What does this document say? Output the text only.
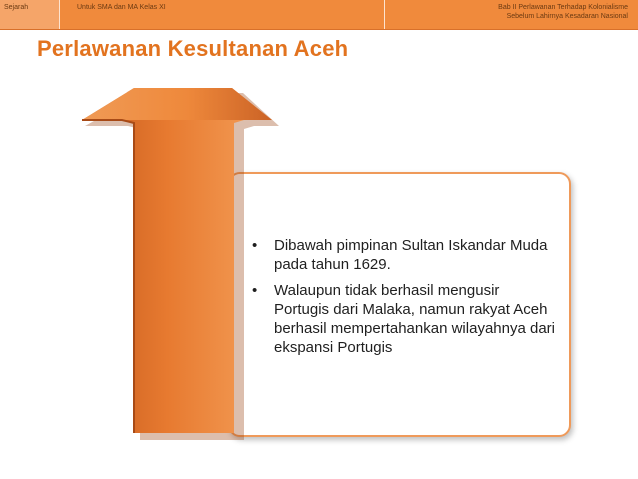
Sejarah	Untuk SMA dan MA Kelas XI	Bab II Perlawanan Terhadap Kolonialisme
Sebelum Lahirnya Kesadaran Nasional
Perlawanan Kesultanan Aceh
•	Dibawah pimpinan Sultan Iskandar Muda pada tahun 1629.
•	Walaupun tidak berhasil mengusir Portugis dari Malaka, namun rakyat Aceh berhasil mempertahankan wilayahnya dari ekspansi Portugis
